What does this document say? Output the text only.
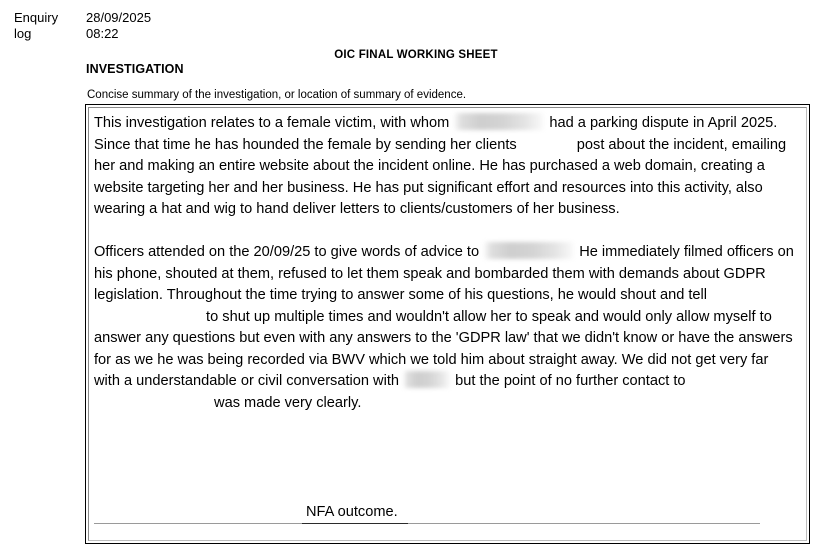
Enquiry
log
28/09/2025
08:22
OIC FINAL WORKING SHEET
INVESTIGATION
Concise summary of the investigation, or location of summary of evidence.

This investigation relates to a female victim, with whom	had a parking dispute in April 2025. Since that time he has hounded the female by sending her clients	post about the incident, emailing her and making an entire website about the incident online. He has purchased a web domain, creating a website targeting her and her business. He has put significant effort and resources into this activity, also wearing a hat and wig to hand deliver letters to clients/customers of her business.

Officers attended on the 20/09/25 to give words of advice to	He immediately filmed officers on his phone, shouted at them, refused to let them speak and bombarded them with demands about GDPR legislation. Throughout the time trying to answer some of his questions, he would shout and tell  to shut up multiple times and wouldn't allow her to speak and would only allow myself to answer any questions but even with any answers to the 'GDPR law' that we didn't know or have the answers for as we he was being recorded via BWV which we told him about straight away. We did not get very far with a understandable or civil conversation with	but the point of no further contact to  was made very clearly.

NFA outcome.
